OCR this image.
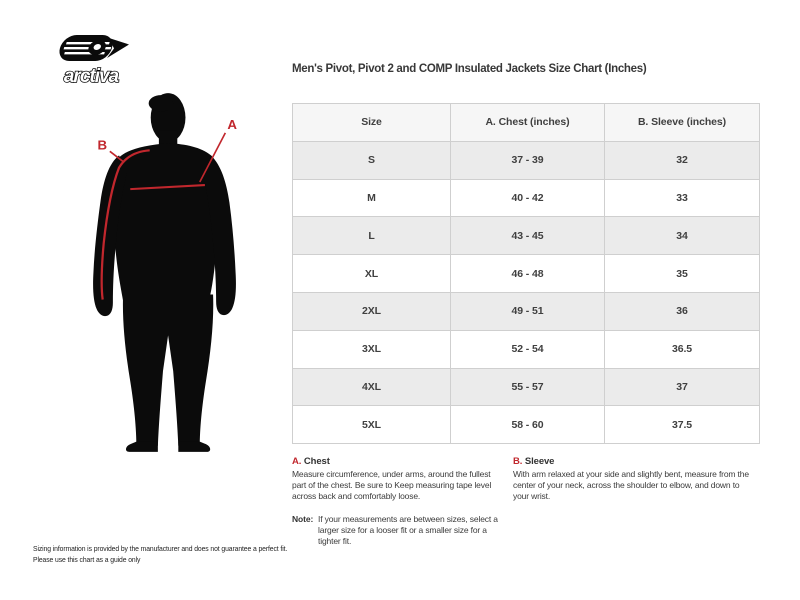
arctiva
A
B
Men's Pivot, Pivot 2 and COMP Insulated Jackets Size Chart (Inches)
Size	A. Chest (inches)	B. Sleeve (inches)
S	37 - 39	32
M	40 - 42	33
L	43 - 45	34
XL	46 - 48	35
2XL	49 - 51	36
3XL	52 - 54	36.5
4XL	55 - 57	37
5XL	58 - 60	37.5
A. Chest
Measure circumference, under arms, around the fullest part of the chest. Be sure to Keep measuring tape level across back and comfortably loose.
Note: If your measurements are between sizes, select a larger size for a looser fit or a smaller size for a tighter fit.
B. Sleeve
With arm relaxed at your side and slightly bent, measure from the center of your neck, across the shoulder to elbow, and down to your wrist.
Sizing information is provided by the manufacturer and does not guarantee a perfect fit.
Please use this chart as a guide only
